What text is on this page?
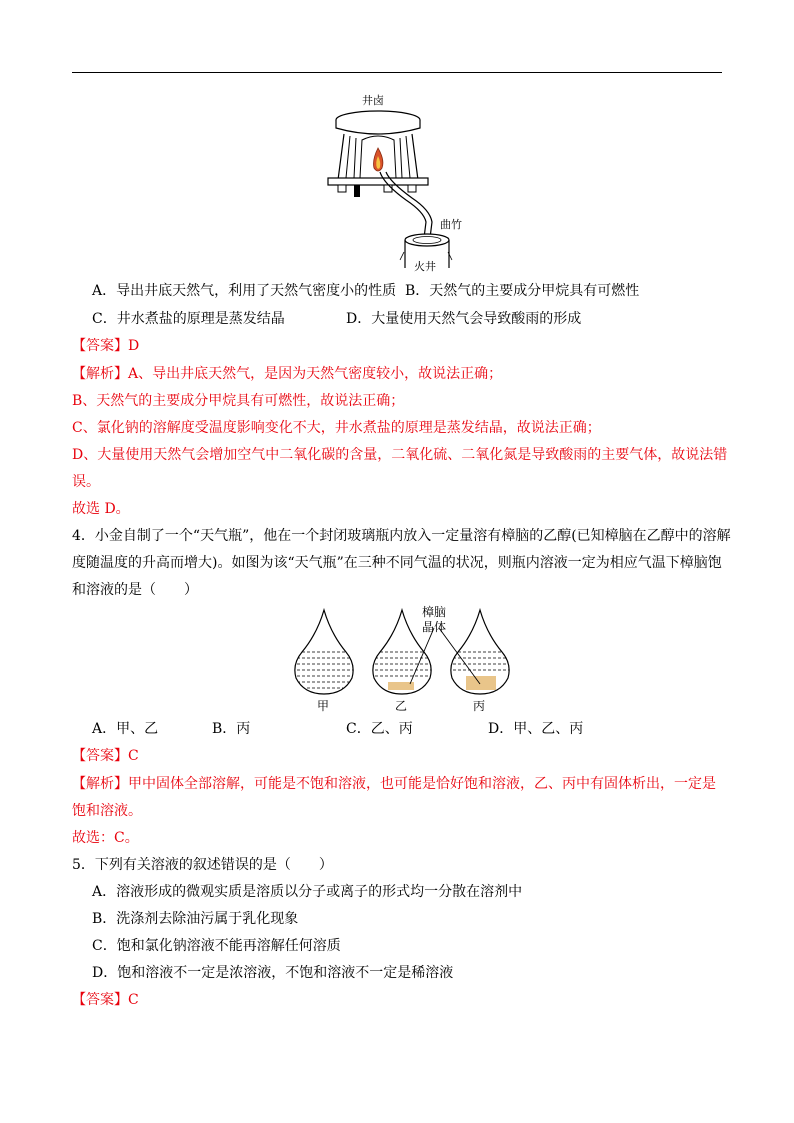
井卤
曲竹
火井
A．导出井底天然气，利用了天然气密度小的性质 B．天然气的主要成分甲烷具有可燃性
C．井水煮盐的原理是蒸发结晶	D．大量使用天然气会导致酸雨的形成
【答案】D
【解析】A、导出井底天然气，是因为天然气密度较小，故说法正确；
B、天然气的主要成分甲烷具有可燃性，故说法正确；
C、氯化钠的溶解度受温度影响变化不大，井水煮盐的原理是蒸发结晶，故说法正确；
D、大量使用天然气会增加空气中二氧化碳的含量，二氧化硫、二氧化氮是导致酸雨的主要气体，故说法错
误。
故选 D。
4．小金自制了一个“天气瓶”，他在一个封闭玻璃瓶内放入一定量溶有樟脑的乙醇(已知樟脑在乙醇中的溶解
度随温度的升高而增大)。如图为该“天气瓶”在三种不同气温的状况，则瓶内溶液一定为相应气温下樟脑饱
和溶液的是（　　）
樟脑
晶体
甲	乙	丙
A．甲、乙	B．丙	C．乙、丙	D．甲、乙、丙
【答案】C
【解析】甲中固体全部溶解，可能是不饱和溶液，也可能是恰好饱和溶液，乙、丙中有固体析出，一定是
饱和溶液。
故选：C。
5．下列有关溶液的叙述错误的是（　　）
A．溶液形成的微观实质是溶质以分子或离子的形式均一分散在溶剂中
B．洗涤剂去除油污属于乳化现象
C．饱和氯化钠溶液不能再溶解任何溶质
D．饱和溶液不一定是浓溶液，不饱和溶液不一定是稀溶液
【答案】C
